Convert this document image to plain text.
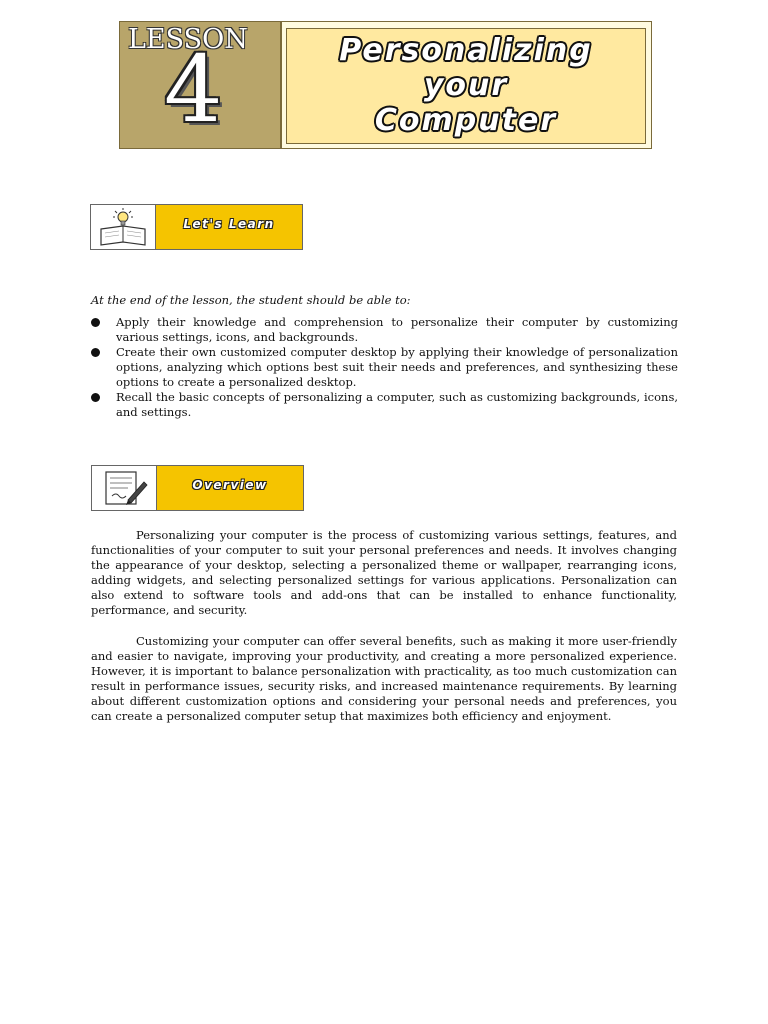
LESSON
4	Personalizing
your
Computer
Let's Learn
At the end of the lesson, the student should be able to:
Apply their knowledge and comprehension to personalize their computer by customizing various settings, icons, and backgrounds.
Create their own customized computer desktop by applying their knowledge of personalization options, analyzing which options best suit their needs and preferences, and synthesizing these options to create a personalized desktop.
Recall the basic concepts of personalizing a computer, such as customizing backgrounds, icons, and settings.
Overview

Personalizing your computer is the process of customizing various settings, features, and functionalities of your computer to suit your personal preferences and needs. It involves changing the appearance of your desktop, selecting a personalized theme or wallpaper, rearranging icons, adding widgets, and selecting personalized settings for various applications. Personalization can also extend to software tools and add-ons that can be installed to enhance functionality, performance, and security.

Customizing your computer can offer several benefits, such as making it more user-friendly and easier to navigate, improving your productivity, and creating a more personalized experience. However, it is important to balance personalization with practicality, as too much customization can result in performance issues, security risks, and increased maintenance requirements. By learning about different customization options and considering your personal needs and preferences, you can create a personalized computer setup that maximizes both efficiency and enjoyment.
